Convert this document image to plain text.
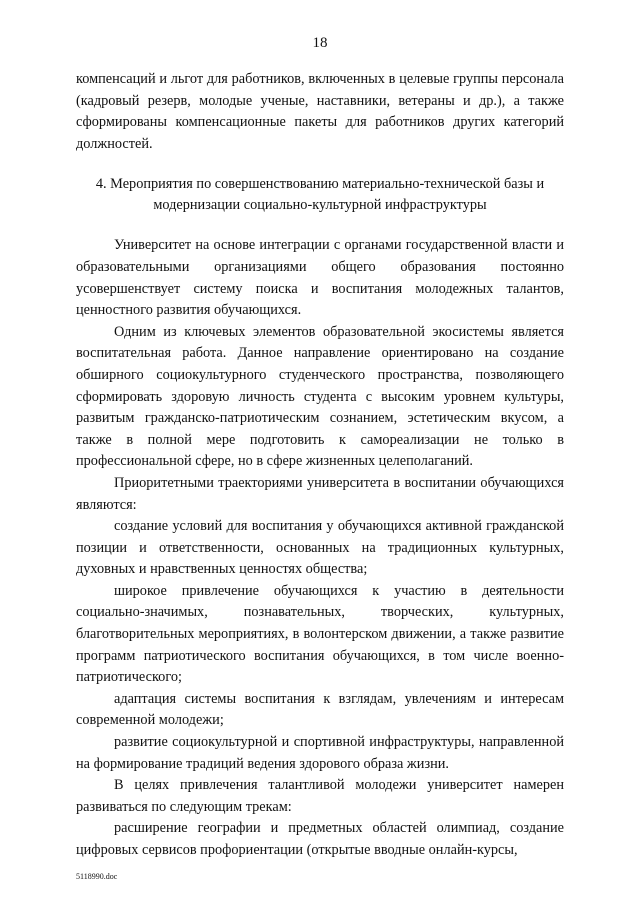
18

компенсаций и льгот для работников, включенных в целевые группы персонала (кадровый резерв, молодые ученые, наставники, ветераны и др.), а также сформированы компенсационные пакеты для работников других категорий должностей.

4. Мероприятия по совершенствованию материально-технической базы и модернизации социально-культурной инфраструктуры

Университет на основе интеграции с органами государственной власти и образовательными организациями общего образования постоянно усовершенствует систему поиска и воспитания молодежных талантов, ценностного развития обучающихся.

Одним из ключевых элементов образовательной экосистемы является воспитательная работа. Данное направление ориентировано на создание обширного социокультурного студенческого пространства, позволяющего сформировать здоровую личность студента с высоким уровнем культуры, развитым гражданско-патриотическим сознанием, эстетическим вкусом, а также в полной мере подготовить к самореализации не только в профессиональной сфере, но в сфере жизненных целеполаганий.

Приоритетными траекториями университета в воспитании обучающихся являются:

создание условий для воспитания у обучающихся активной гражданской позиции и ответственности, основанных на традиционных культурных, духовных и нравственных ценностях общества;

широкое привлечение обучающихся к участию в деятельности социально-значимых, познавательных, творческих, культурных, благотворительных мероприятиях, в волонтерском движении, а также развитие программ патриотического воспитания обучающихся, в том числе военно-патриотического;

адаптация системы воспитания к взглядам, увлечениям и интересам современной молодежи;

развитие социокультурной и спортивной инфраструктуры, направленной на формирование традиций ведения здорового образа жизни.

В целях привлечения талантливой молодежи университет намерен развиваться по следующим трекам:

расширение географии и предметных областей олимпиад, создание цифровых сервисов профориентации (открытые вводные онлайн-курсы,

5118990.doc
